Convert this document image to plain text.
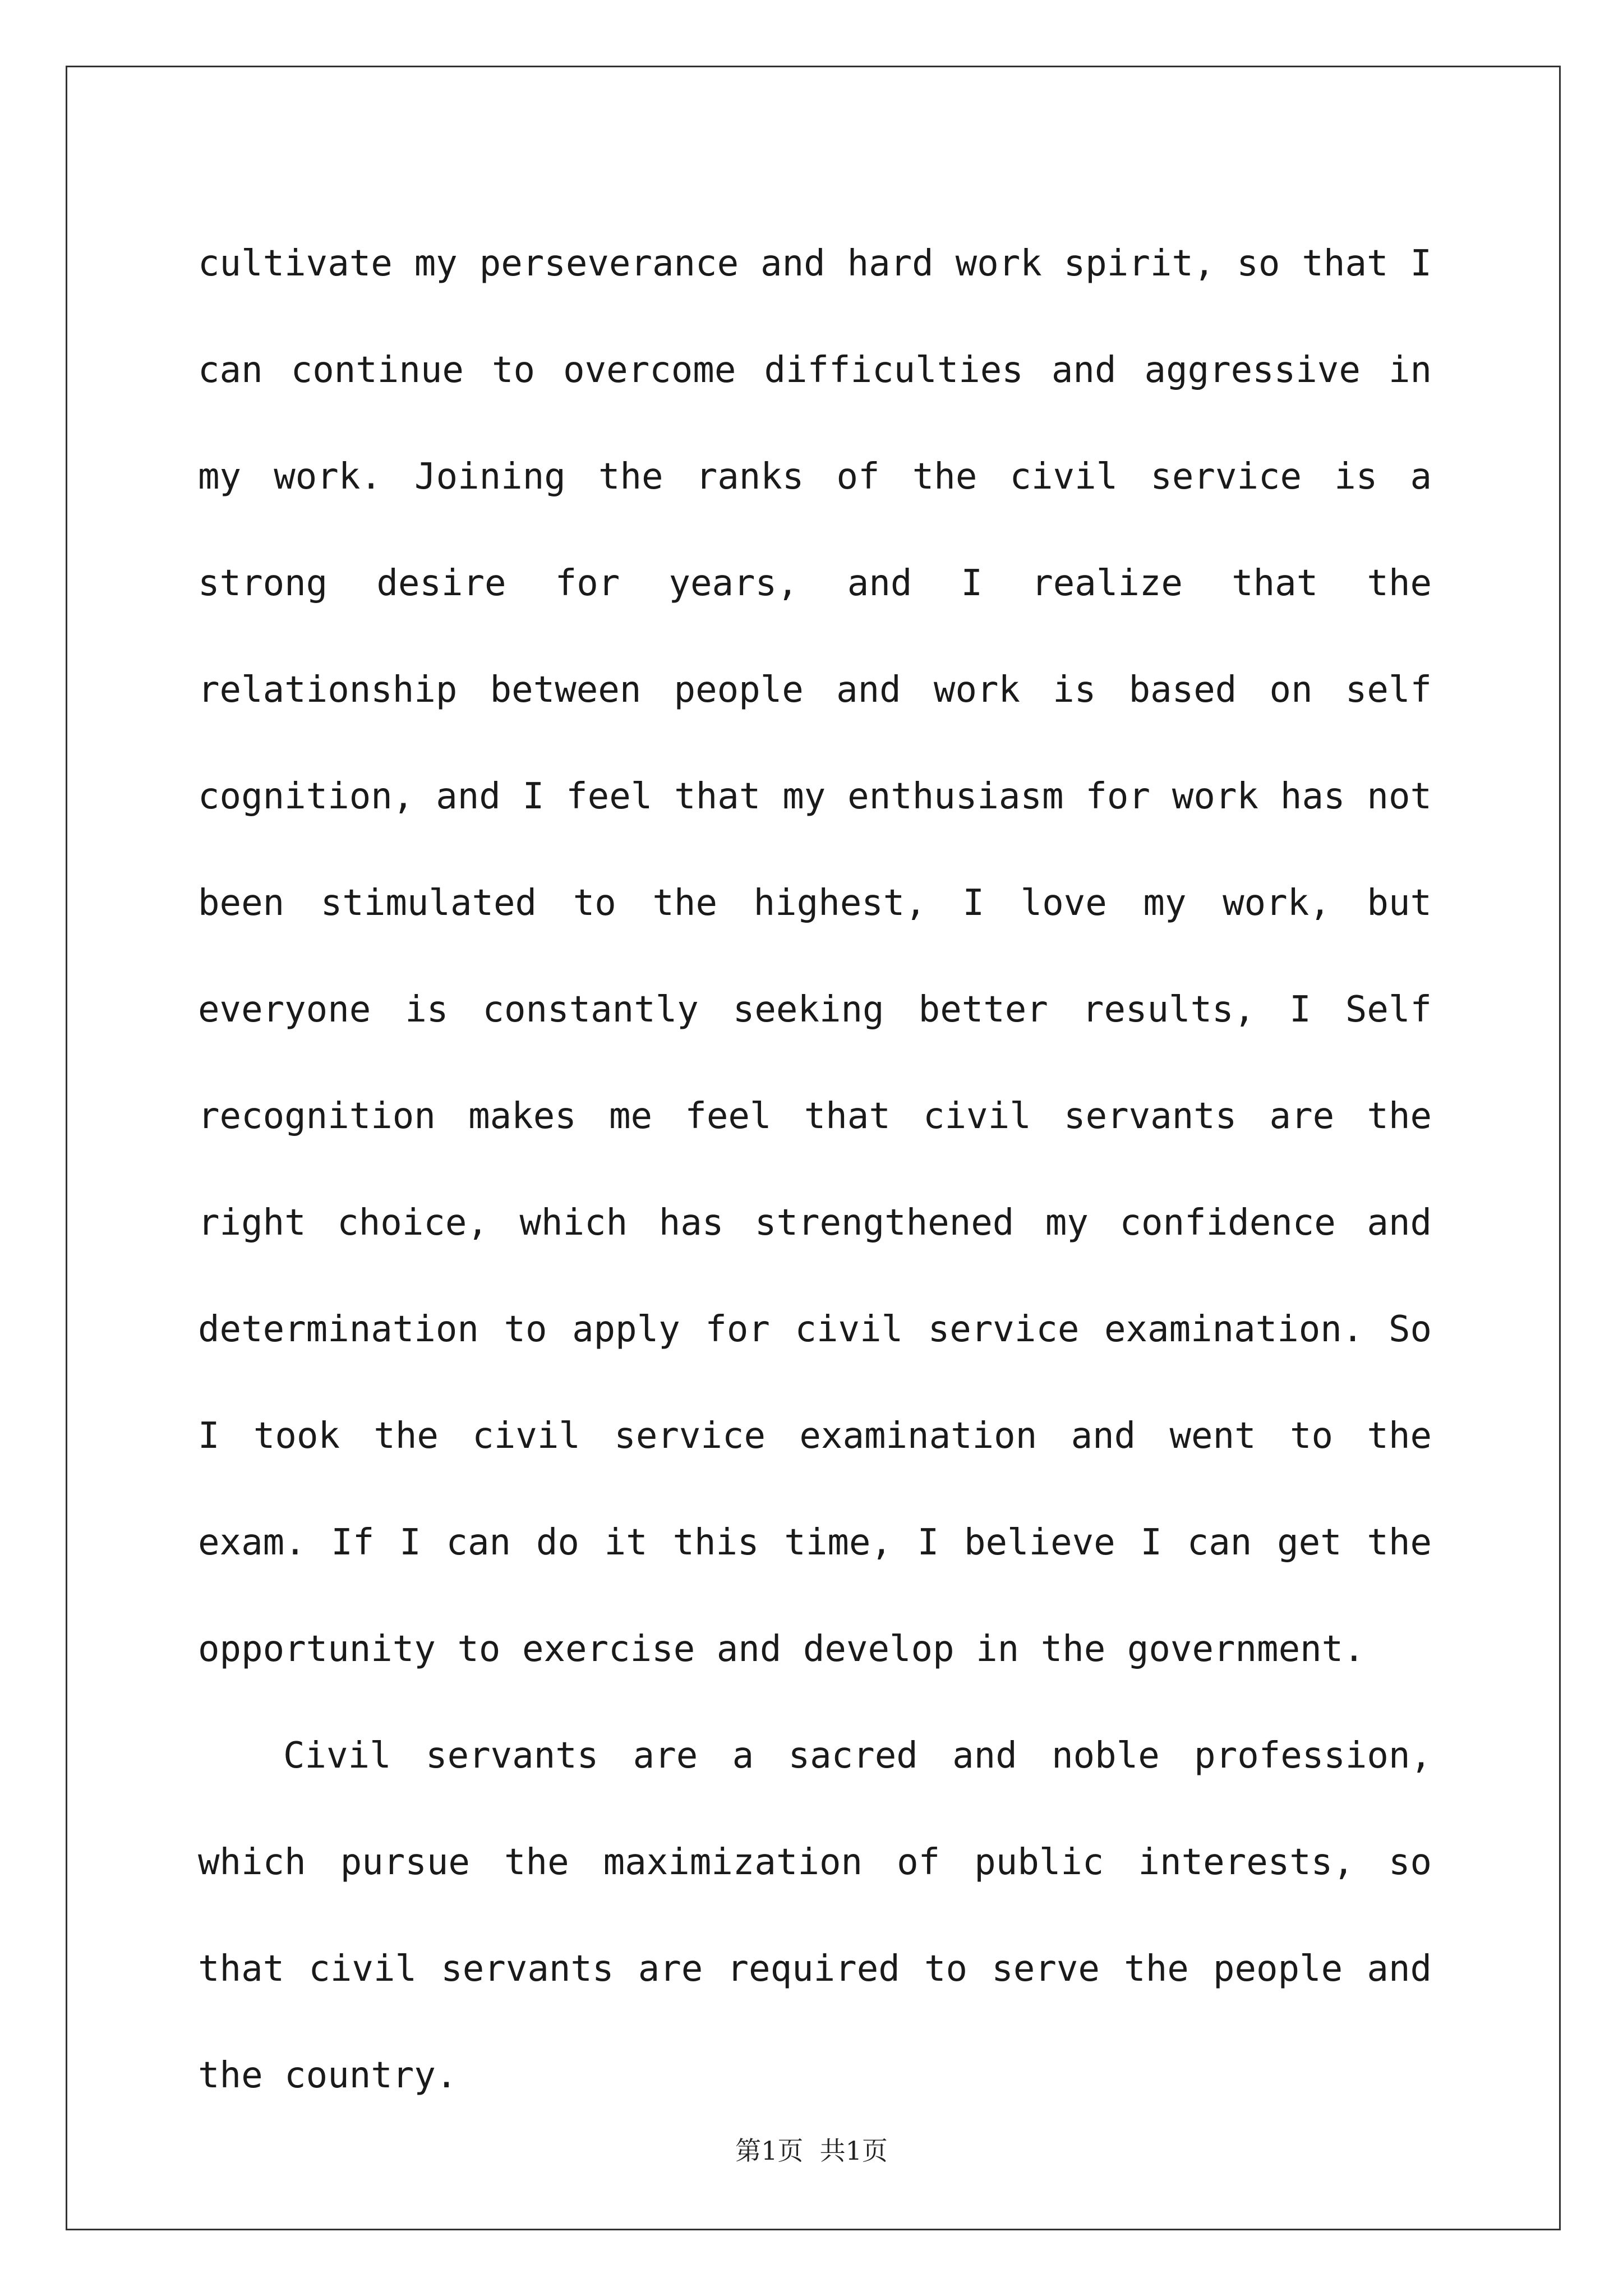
cultivate my perseverance and hard work spirit, so that I can continue to overcome difficulties and aggressive in my work. Joining the ranks of the civil service is a strong desire for years, and I realize that the relationship between people and work is based on self cognition, and I feel that my enthusiasm for work has not been stimulated to the highest, I love my work, but everyone is constantly seeking better results, I Self recognition makes me feel that civil servants are the right choice, which has strengthened my confidence and determination to apply for civil service examination. So I took the civil service examination and went to the exam. If I can do it this time, I believe I can get the opportunity to exercise and develop in the government.

Civil servants are a sacred and noble profession, which pursue the maximization of public interests, so that civil servants are required to serve the people and the country.

第1页  共1页
